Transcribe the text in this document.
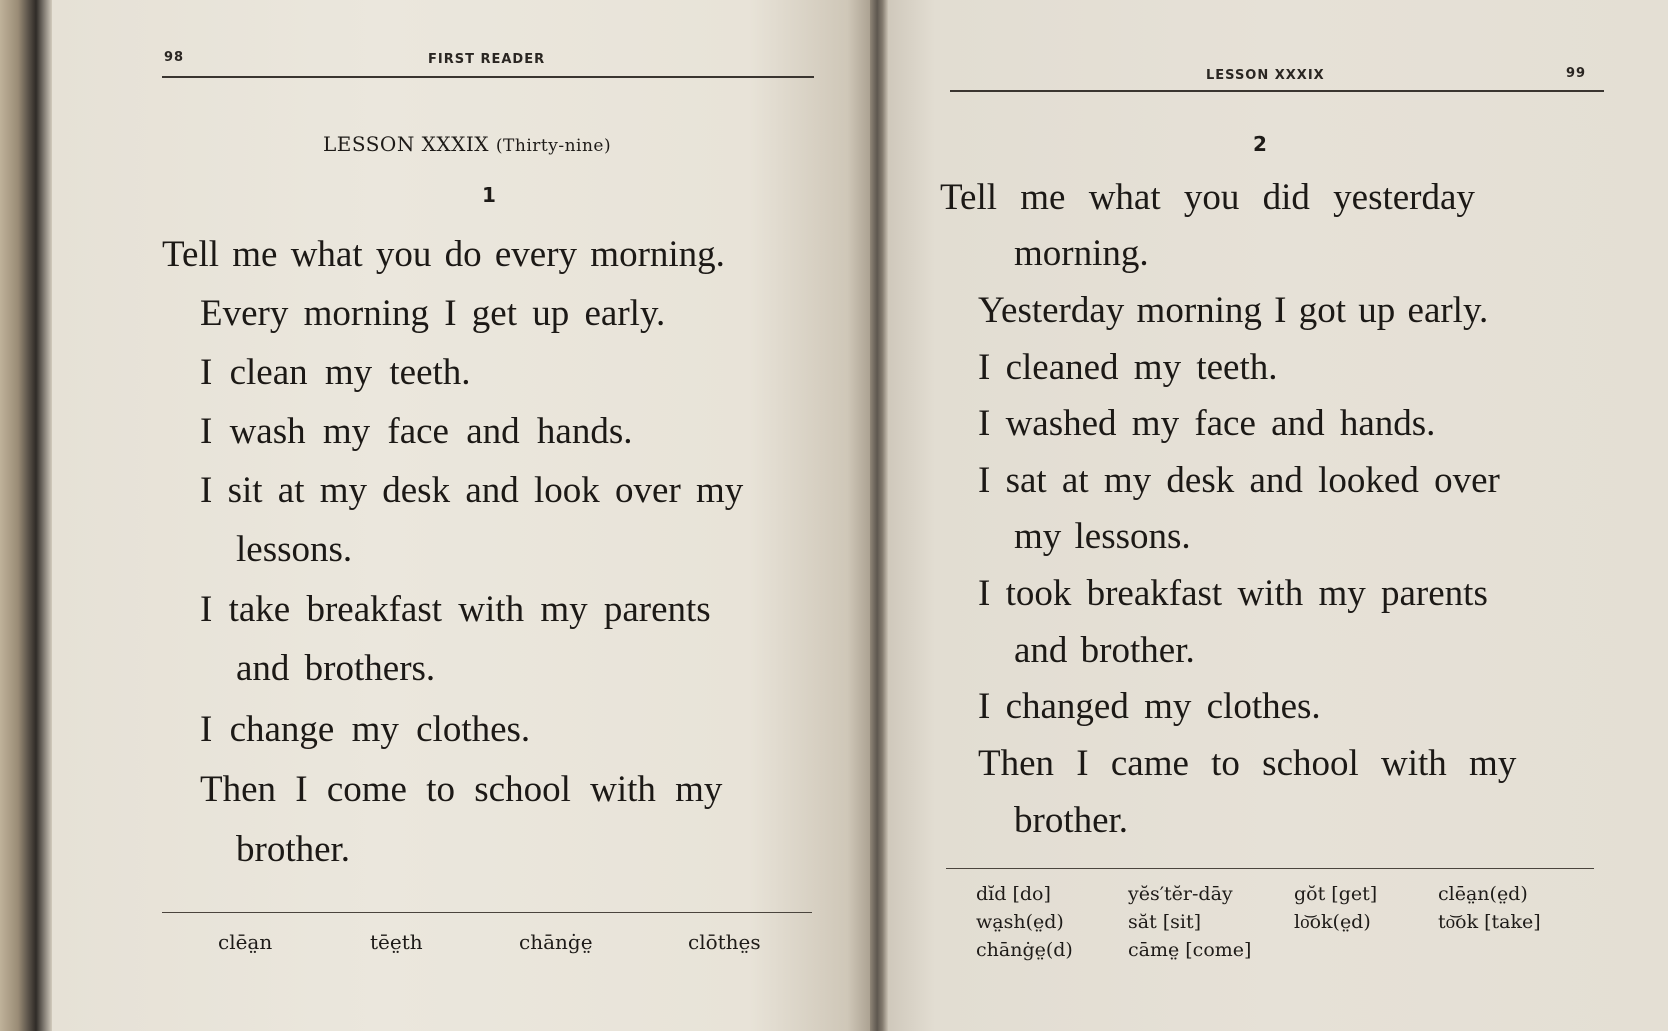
98	FIRST READER
LESSON XXXIX (Thirty-nine)
1
Tell me what you do every morning.
Every morning I get up early.
I clean my teeth.
I wash my face and hands.
I sit at my desk and look over my
lessons.
I take breakfast with my parents
and brothers.
I change my clothes.
Then I come to school with my
brother.
clēa̤n	tēe̤th	chānġe̤	clōthe̤s
LESSON XXXIX	99
2
Tell me what you did yesterday
morning.
Yesterday morning I got up early.
I cleaned my teeth.
I washed my face and hands.
I sat at my desk and looked over
my lessons.
I took breakfast with my parents
and brother.
I changed my clothes.
Then I came to school with my
brother.
dĭd [do]	yĕs′tĕr-dāy	gŏt [get]	clēa̤n(e̤d)
wa̤sh(e̤d)	săt [sit]	lo͝ok(e̤d)	to͝ok [take]
chānġe̤(d)	cāme̤ [come]
